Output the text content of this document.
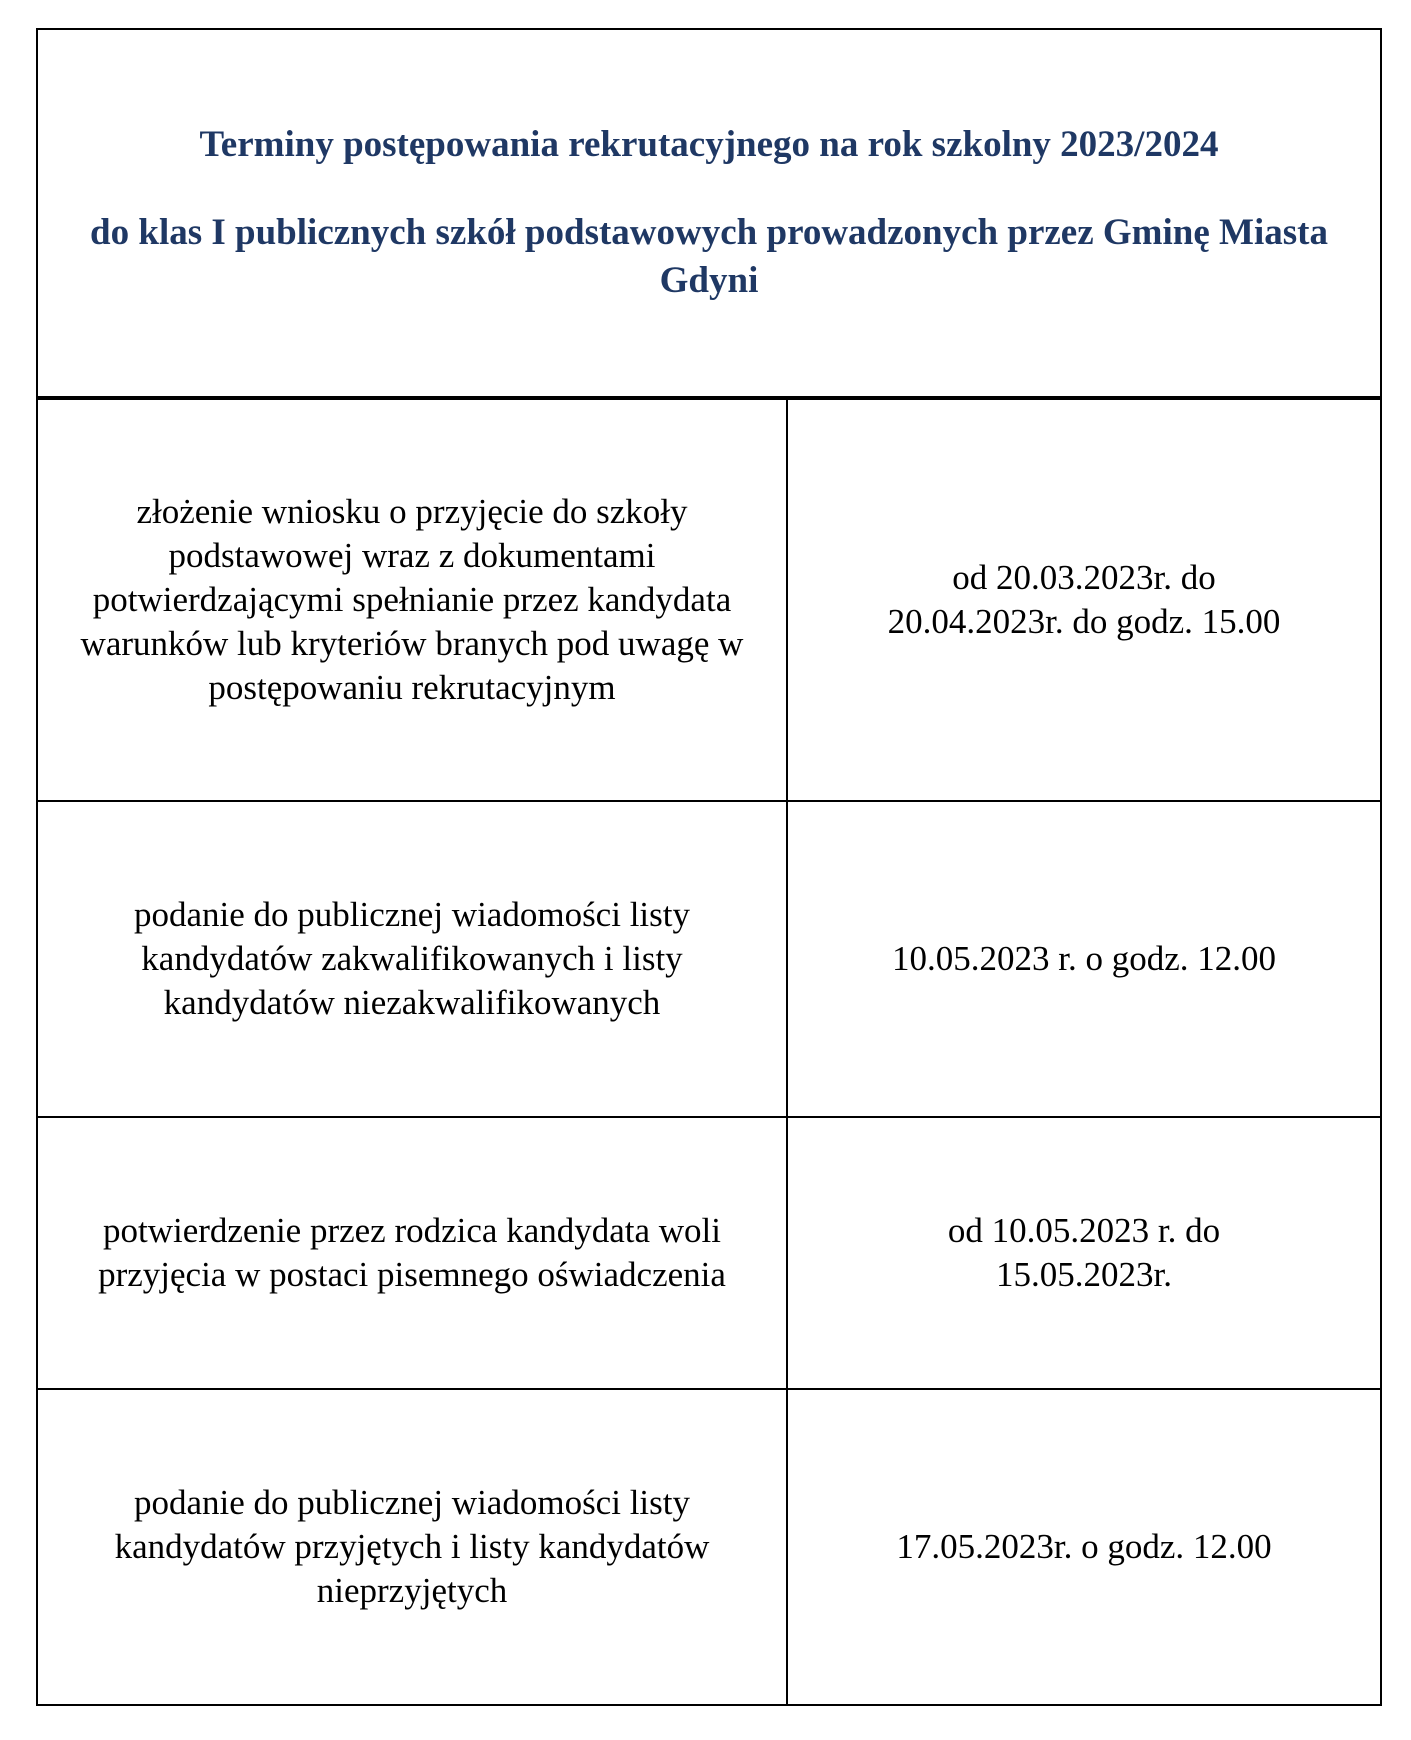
Terminy postępowania rekrutacyjnego na rok szkolny 2023/2024
do klas I publicznych szkół podstawowych prowadzonych przez Gminę Miasta Gdyni
złożenie wniosku o przyjęcie do szkoły podstawowej wraz z dokumentami potwierdzającymi spełnianie przez kandydata warunków lub kryteriów branych pod uwagę w postępowaniu rekrutacyjnym
od 20.03.2023r. do 20.04.2023r. do godz. 15.00
podanie do publicznej wiadomości listy kandydatów zakwalifikowanych i listy kandydatów niezakwalifikowanych
10.05.2023 r. o godz. 12.00
potwierdzenie przez rodzica kandydata woli przyjęcia w postaci pisemnego oświadczenia
od 10.05.2023 r. do 15.05.2023r.
podanie do publicznej wiadomości listy kandydatów przyjętych i listy kandydatów nieprzyjętych
17.05.2023r. o godz. 12.00
